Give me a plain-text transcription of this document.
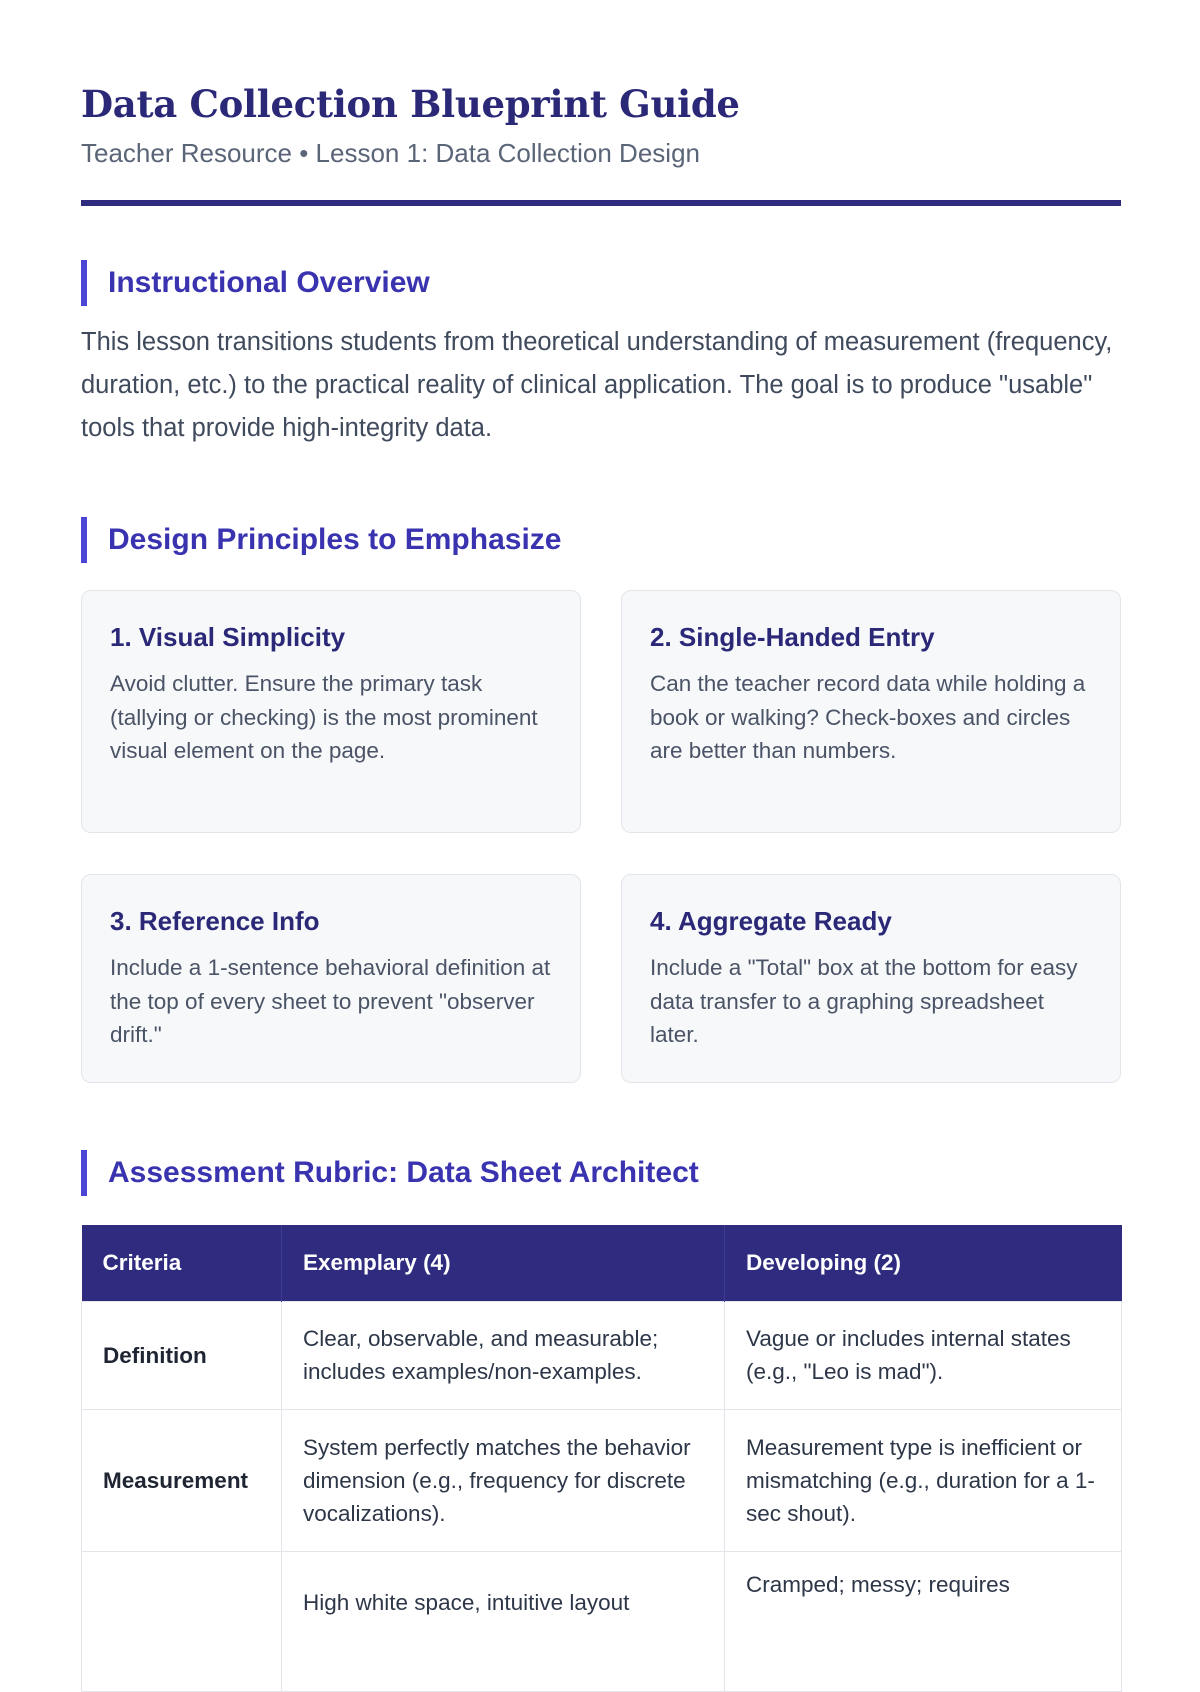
Data Collection Blueprint Guide
Teacher Resource • Lesson 1: Data Collection Design
Instructional Overview

This lesson transitions students from theoretical understanding of measurement (frequency, duration, etc.) to the practical reality of clinical application. The goal is to produce "usable" tools that provide high-integrity data.

Design Principles to Emphasize
1. Visual Simplicity

Avoid clutter. Ensure the primary task (tallying or checking) is the most prominent visual element on the page.

2. Single-Handed Entry

Can the teacher record data while holding a book or walking? Check-boxes and circles are better than numbers.

3. Reference Info

Include a 1-sentence behavioral definition at the top of every sheet to prevent "observer drift."

4. Aggregate Ready

Include a "Total" box at the bottom for easy data transfer to a graphing spreadsheet later.

Assessment Rubric: Data Sheet Architect
Criteria	Exemplary (4)	Developing (2)
Definition	Clear, observable, and measurable; includes examples/non-examples.	Vague or includes internal states (e.g., "Leo is mad").
Measurement	System perfectly matches the behavior dimension (e.g., frequency for discrete vocalizations).	Measurement type is inefficient or mismatching (e.g., duration for a 1-sec shout).
	High white space, intuitive layout	Cramped; messy; requires
